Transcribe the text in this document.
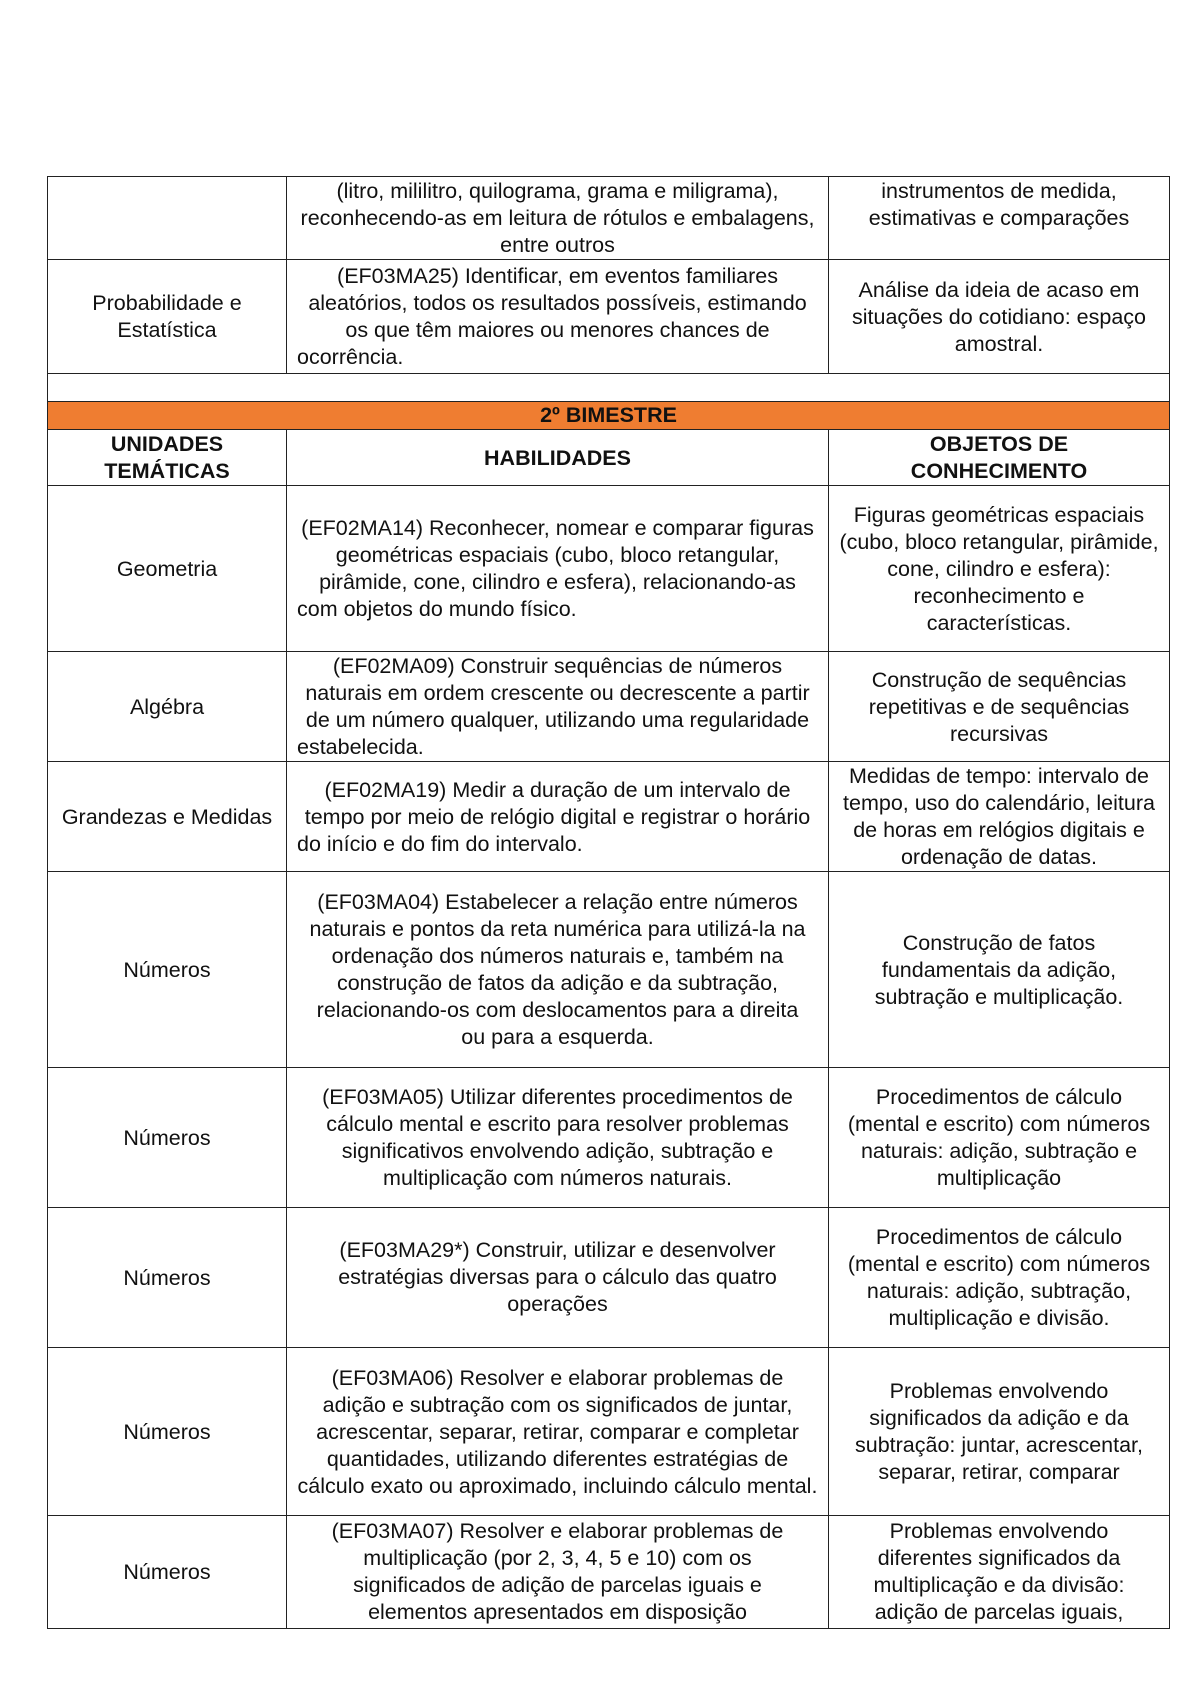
	(litro, mililitro, quilograma, grama e miligrama), reconhecendo-as em leitura de rótulos e embalagens, entre outros	instrumentos de medida, estimativas e comparações
Probabilidade e Estatística	(EF03MA25) Identificar, em eventos familiares aleatórios, todos os resultados possíveis, estimando os que têm maiores ou menores chances de ocorrência.	Análise da ideia de acaso em situações do cotidiano: espaço amostral.

2º BIMESTRE		
UNIDADES TEMÁTICAS	HABILIDADES	OBJETOS DE CONHECIMENTO
Geometria	(EF02MA14) Reconhecer, nomear e comparar figuras geométricas espaciais (cubo, bloco retangular, pirâmide, cone, cilindro e esfera), relacionando-as com objetos do mundo físico.	Figuras geométricas espaciais (cubo, bloco retangular, pirâmide, cone, cilindro e esfera): reconhecimento e características.
Algébra	(EF02MA09) Construir sequências de números naturais em ordem crescente ou decrescente a partir de um número qualquer, utilizando uma regularidade estabelecida.	Construção de sequências repetitivas e de sequências recursivas
Grandezas e Medidas	(EF02MA19) Medir a duração de um intervalo de tempo por meio de relógio digital e registrar o horário do início e do fim do intervalo.	Medidas de tempo: intervalo de tempo, uso do calendário, leitura de horas em relógios digitais e ordenação de datas.
Números	(EF03MA04) Estabelecer a relação entre números naturais e pontos da reta numérica para utilizá-la na ordenação dos números naturais e, também na construção de fatos da adição e da subtração, relacionando-os com deslocamentos para a direita ou para a esquerda.	Construção de fatos fundamentais da adição, subtração e multiplicação.
Números	(EF03MA05) Utilizar diferentes procedimentos de cálculo mental e escrito para resolver problemas significativos envolvendo adição, subtração e multiplicação com números naturais.	Procedimentos de cálculo (mental e escrito) com números naturais: adição, subtração e multiplicação
Números	(EF03MA29*) Construir, utilizar e desenvolver estratégias diversas para o cálculo das quatro operações	Procedimentos de cálculo (mental e escrito) com números naturais: adição, subtração, multiplicação e divisão.
Números	(EF03MA06) Resolver e elaborar problemas de adição e subtração com os significados de juntar, acrescentar, separar, retirar, comparar e completar quantidades, utilizando diferentes estratégias de cálculo exato ou aproximado, incluindo cálculo mental.	Problemas envolvendo significados da adição e da subtração: juntar, acrescentar, separar, retirar, comparar
Números	(EF03MA07) Resolver e elaborar problemas de multiplicação (por 2, 3, 4, 5 e 10) com os significados de adição de parcelas iguais e elementos apresentados em disposição	Problemas envolvendo diferentes significados da multiplicação e da divisão: adição de parcelas iguais,
